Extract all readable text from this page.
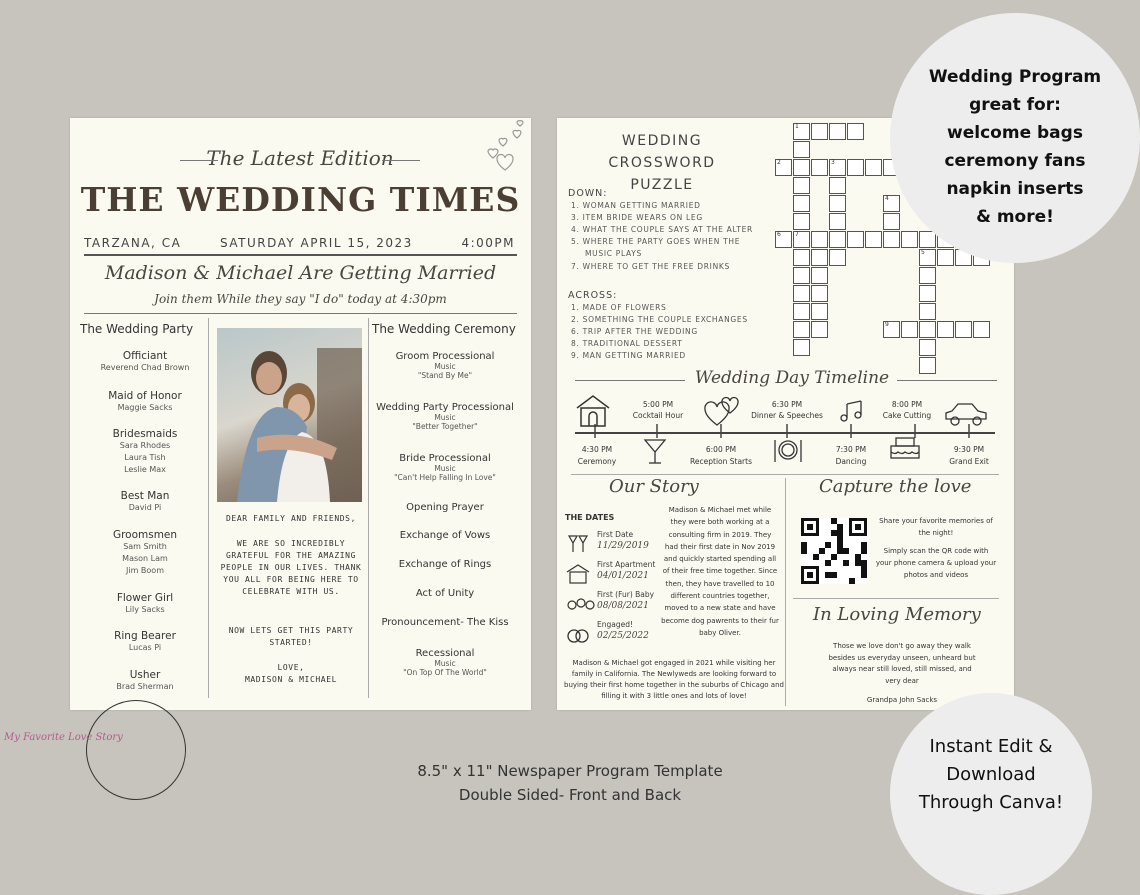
The Latest Edition
THE WEDDING TIMES
TARZANA, CA	SATURDAY APRIL 15, 2023	4:00PM
Madison & Michael Are Getting Married
Join them While they say "I do" today at 4:30pm
The Wedding Party
Officiant
Reverend Chad Brown
Maid of Honor
Maggie Sacks
Bridesmaids
Sara Rhodes
Laura Tish
Leslie Max
Best Man
David Pi
Groomsmen
Sam Smith
Mason Lam
Jim Boom
Flower Girl
Lily Sacks
Ring Bearer
Lucas Pi
Usher
Brad Sherman
DEAR FAMILY AND FRIENDS,
WE ARE SO INCREDIBLY GRATEFUL FOR THE AMAZING PEOPLE IN OUR LIVES. THANK YOU ALL FOR BEING HERE TO CELEBRATE WITH US.
NOW LETS GET THIS PARTY STARTED!
LOVE,
MADISON & MICHAEL
The Wedding Ceremony
Groom Processional
Music
"Stand By Me"
Wedding Party Processional
Music
"Better Together"
Bride Processional
Music
"Can't Help Falling In Love"
Opening Prayer
Exchange of Vows
Exchange of Rings
Act of Unity
Pronouncement- The Kiss
Recessional
Music
"On Top Of The World"
WEDDING CROSSWORD PUZZLE
DOWN:
1. WOMAN GETTING MARRIED
3. ITEM BRIDE WEARS ON LEG
4. WHAT THE COUPLE SAYS AT THE ALTER
5. WHERE THE PARTY GOES WHEN THE
MUSIC PLAYS
7. WHERE TO GET THE FREE DRINKS
ACROSS:
1. MADE OF FLOWERS
2. SOMETHING THE COUPLE EXCHANGES
6. TRIP AFTER THE WEDDING
8. TRADITIONAL DESSERT
9. MAN GETTING MARRIED
1
2	3
4
5
6 7
9
Wedding Day Timeline
5:00 PM
Cocktail Hour
6:30 PM
Dinner & Speeches
8:00 PM
Cake Cutting
4:30 PM
Ceremony
6:00 PM
Reception Starts
7:30 PM
Dancing
9:30 PM
Grand Exit
Our Story
THE DATES
First Date
11/29/2019
First Apartment
04/01/2021
First (Fur) Baby
08/08/2021
Engaged!
02/25/2022
Madison & Michael met while they were both working at a consulting firm in 2019. They had their first date in Nov 2019 and quickly started spending all of their free time together. Since then, they have travelled to 10 different countries together, moved to a new state and have become dog pawrents to their fur baby Oliver.
Madison & Michael got engaged in 2021 while visiting her family in California. The Newlyweds are looking forward to buying their first home together in the suburbs of Chicago and filling it with 3 little ones and lots of love!
Capture the love
Share your favorite memories of the night!
Simply scan the QR code with your phone camera & upload your photos and videos
In Loving Memory
Those we love don't go away they walk besides us everyday unseen, unheard but always near still loved, still missed, and very dear
Grandpa John Sacks
Wedding Program
great for:
welcome bags
ceremony fans
napkin inserts
& more!
Instant Edit &
Download
Through Canva!
My Favorite Love Story
8.5" x 11" Newspaper Program Template
Double Sided- Front and Back
